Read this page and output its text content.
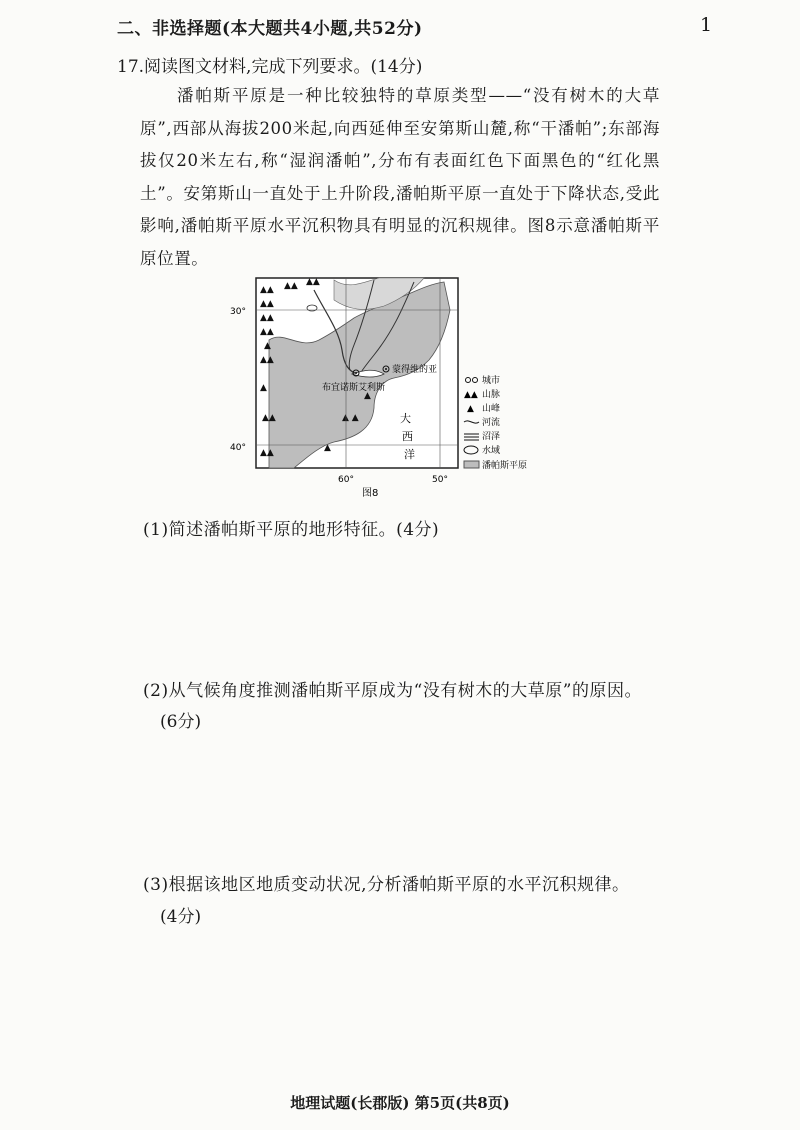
二、非选择题(本大题共4小题,共52分)	1
17.阅读图文材料,完成下列要求。(14分)

潘帕斯平原是一种比较独特的草原类型——“没有树木的大草原”,西部从海拔200米起,向西延伸至安第斯山麓,称“干潘帕”;东部海拔仅20米左右,称“湿润潘帕”,分布有表面红色下面黑色的“红化黑土”。安第斯山一直处于上升阶段,潘帕斯平原一直处于下降状态,受此影响,潘帕斯平原水平沉积物具有明显的沉积规律。图8示意潘帕斯平原位置。

▲▲
▲▲
▲▲
▲▲
▲
▲▲
▲
▲▲
▲▲
▲▲ ▲▲
▲ ▲
▲
▲
30°
40°
60°	50°
布宜诺斯艾利斯
蒙得维的亚
大
西
洋
图8
城市
▲▲ 山脉
▲ 山峰
河流
沼泽
水域
潘帕斯平原
(1)简述潘帕斯平原的地形特征。(4分)
(2)从气候角度推测潘帕斯平原成为“没有树木的大草原”的原因。
(6分)
(3)根据该地区地质变动状况,分析潘帕斯平原的水平沉积规律。
(4分)
地理试题(长郡版) 第5页(共8页)
